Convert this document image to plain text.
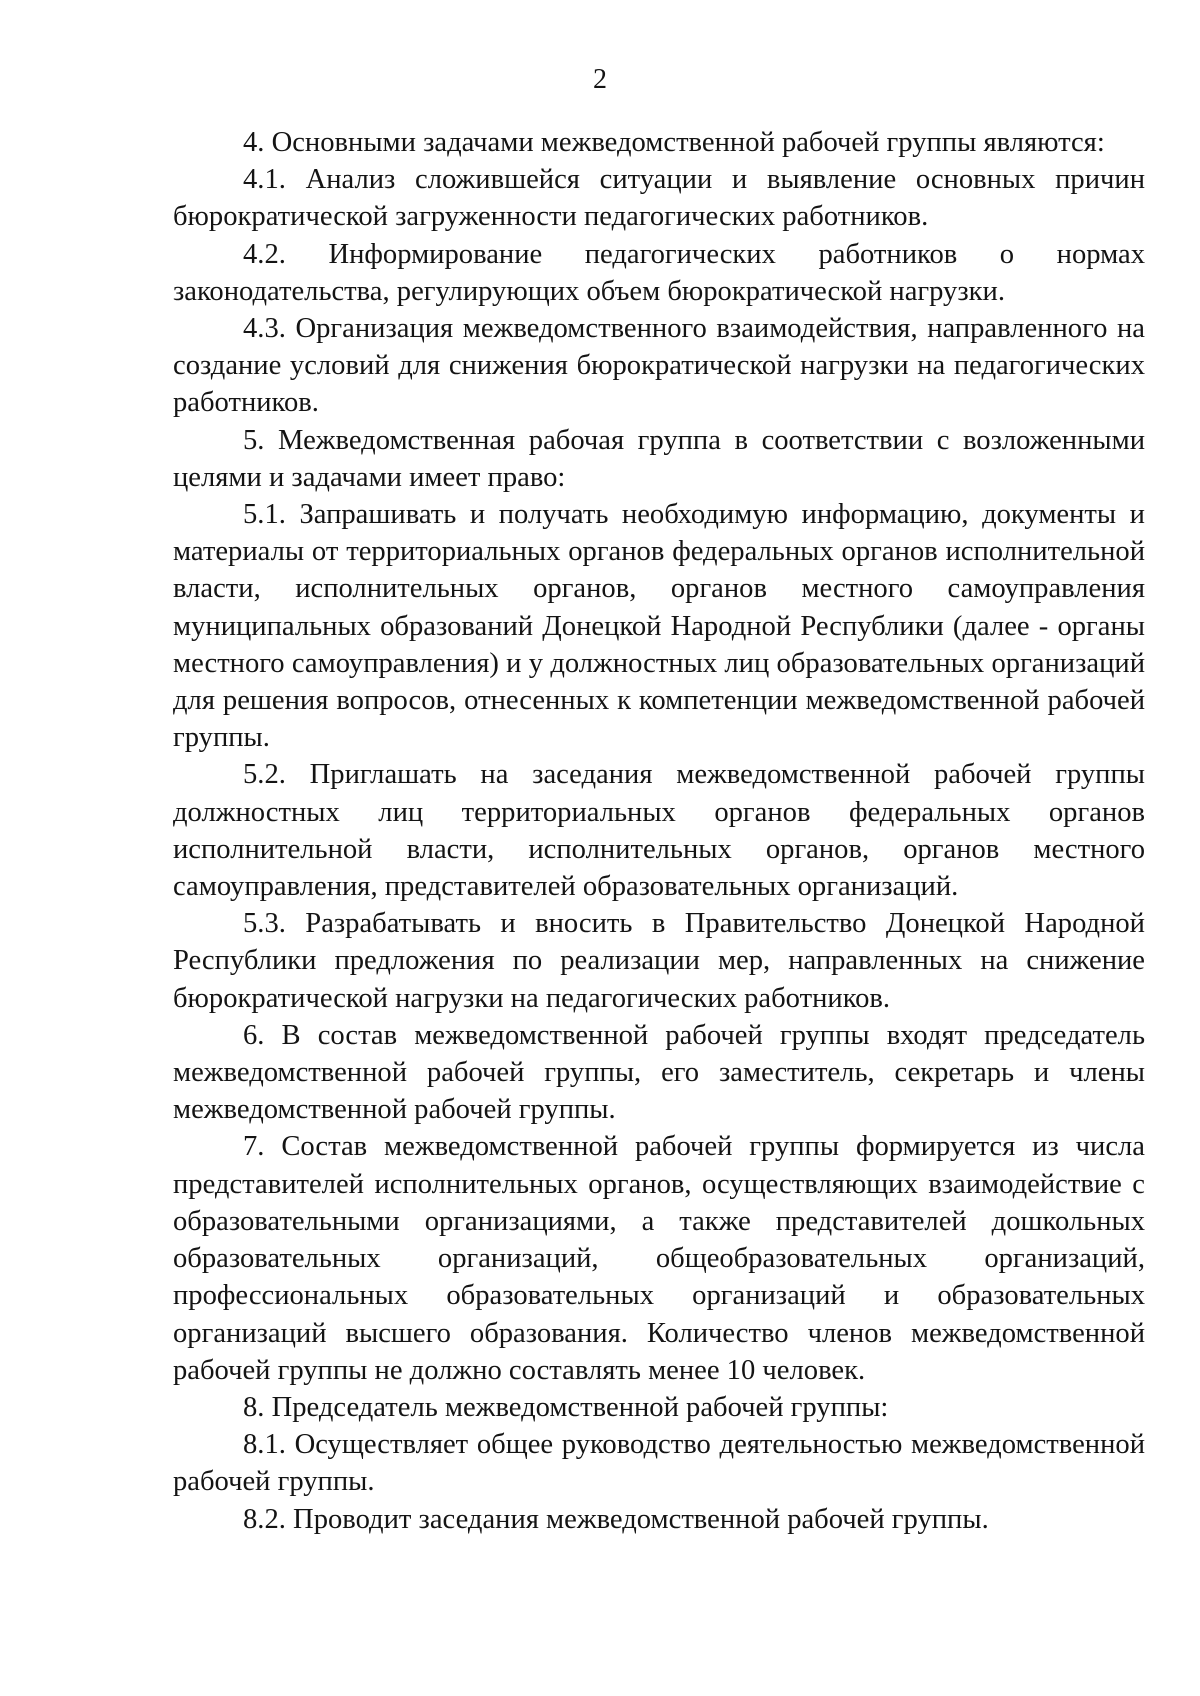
2

4. Основными задачами межведомственной рабочей группы являются:

4.1. Анализ сложившейся ситуации и выявление основных причин бюрократической загруженности педагогических работников.

4.2. Информирование педагогических работников о нормах законодательства, регулирующих объем бюрократической нагрузки.

4.3. Организация межведомственного взаимодействия, направленного на создание условий для снижения бюрократической нагрузки на педагогических работников.

5. Межведомственная рабочая группа в соответствии с возложенными целями и задачами имеет право:

5.1. Запрашивать и получать необходимую информацию, документы и материалы от территориальных органов федеральных органов исполнительной власти, исполнительных органов, органов местного самоуправления муниципальных образований Донецкой Народной Республики (далее - органы местного самоуправления) и у должностных лиц образовательных организаций для решения вопросов, отнесенных к компетенции межведомственной рабочей группы.

5.2. Приглашать на заседания межведомственной рабочей группы должностных лиц территориальных органов федеральных органов исполнительной власти, исполнительных органов, органов местного самоуправления, представителей образовательных организаций.

5.3. Разрабатывать и вносить в Правительство Донецкой Народной Республики предложения по реализации мер, направленных на снижение бюрократической нагрузки на педагогических работников.

6. В состав межведомственной рабочей группы входят председатель межведомственной рабочей группы, его заместитель, секретарь и члены межведомственной рабочей группы.

7. Состав межведомственной рабочей группы формируется из числа представителей исполнительных органов, осуществляющих взаимодействие с образовательными организациями, а также представителей дошкольных образовательных организаций, общеобразовательных организаций, профессиональных образовательных организаций и образовательных организаций высшего образования. Количество членов межведомственной рабочей группы не должно составлять менее 10 человек.

8. Председатель межведомственной рабочей группы:

8.1. Осуществляет общее руководство деятельностью межведомственной рабочей группы.

8.2. Проводит заседания межведомственной рабочей группы.
